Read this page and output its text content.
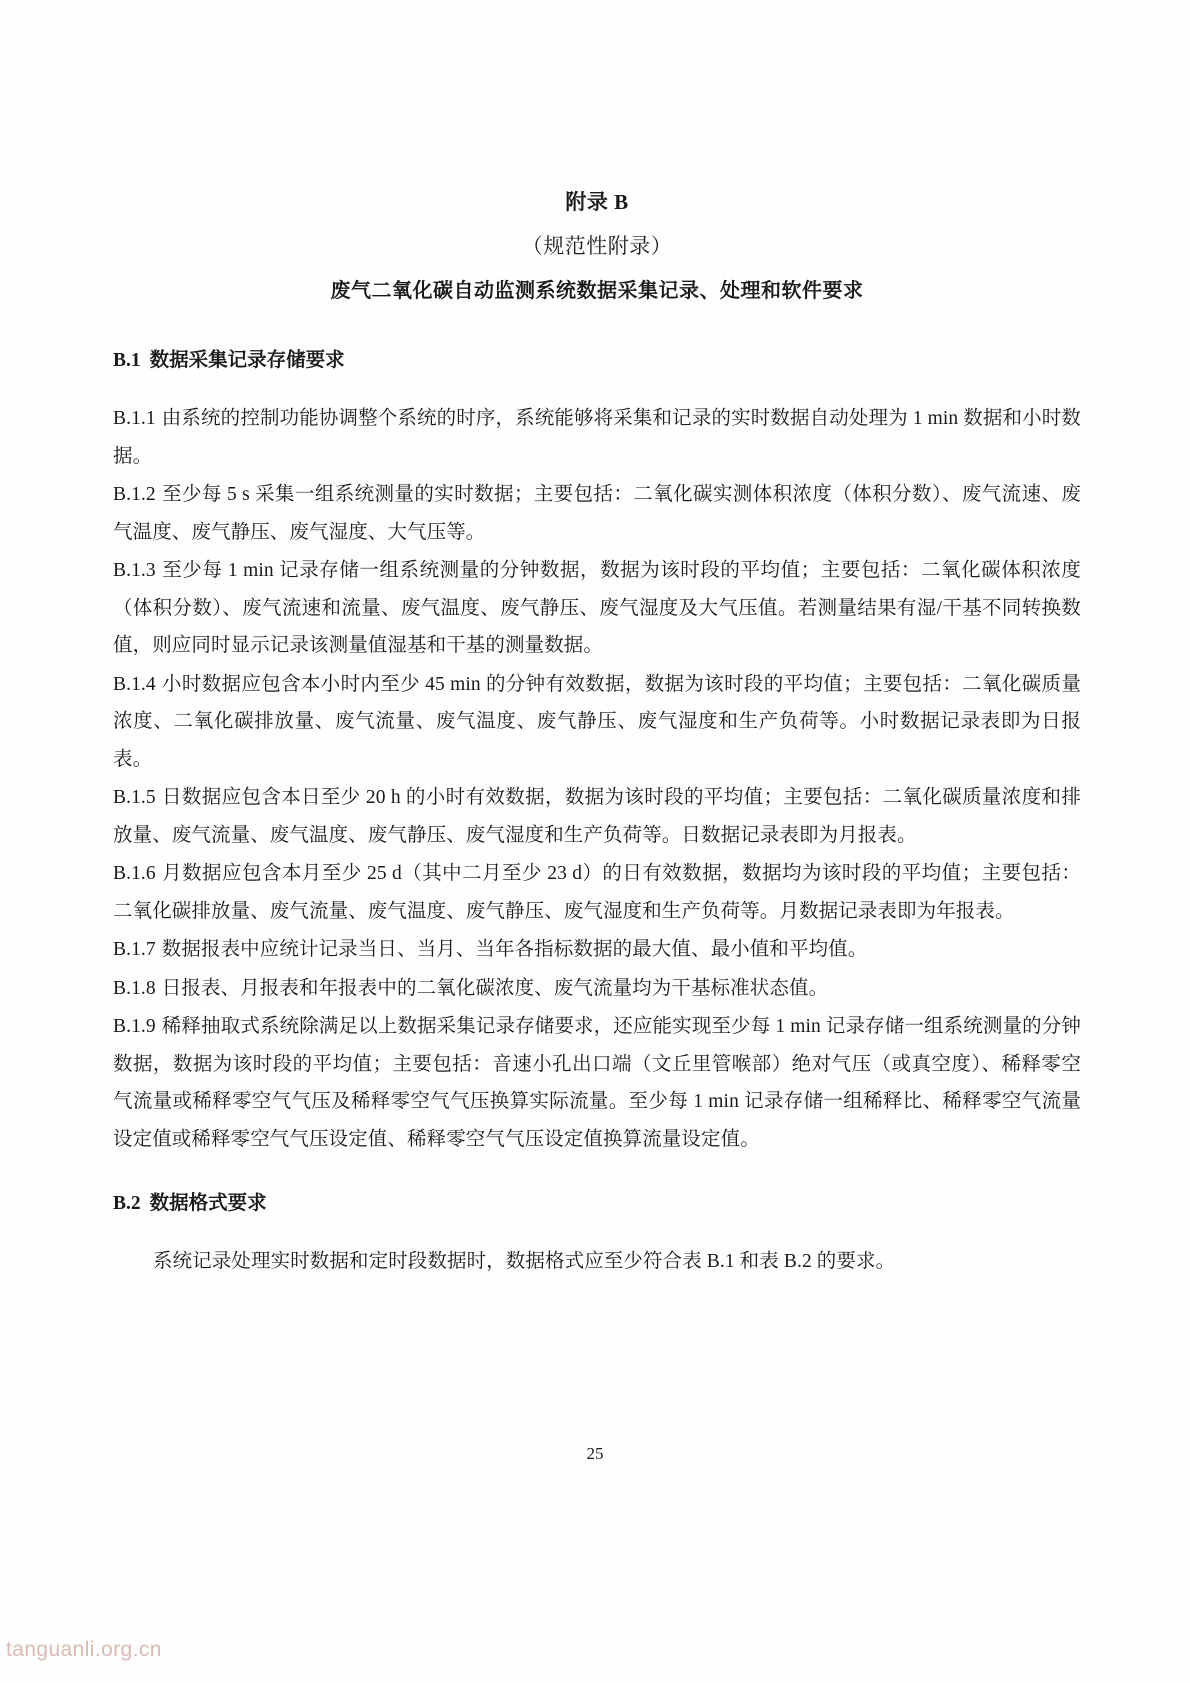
附录 B
（规范性附录）
废气二氧化碳自动监测系统数据采集记录、处理和软件要求
B.1 数据采集记录存储要求

B.1.1 由系统的控制功能协调整个系统的时序，系统能够将采集和记录的实时数据自动处理为 1 min 数据和小时数据。

B.1.2 至少每 5 s 采集一组系统测量的实时数据；主要包括：二氧化碳实测体积浓度（体积分数）、废气流速、废气温度、废气静压、废气湿度、大气压等。

B.1.3 至少每 1 min 记录存储一组系统测量的分钟数据，数据为该时段的平均值；主要包括：二氧化碳体积浓度（体积分数）、废气流速和流量、废气温度、废气静压、废气湿度及大气压值。若测量结果有湿/干基不同转换数值，则应同时显示记录该测量值湿基和干基的测量数据。

B.1.4 小时数据应包含本小时内至少 45 min 的分钟有效数据，数据为该时段的平均值；主要包括：二氧化碳质量浓度、二氧化碳排放量、废气流量、废气温度、废气静压、废气湿度和生产负荷等。小时数据记录表即为日报表。

B.1.5 日数据应包含本日至少 20 h 的小时有效数据，数据为该时段的平均值；主要包括：二氧化碳质量浓度和排放量、废气流量、废气温度、废气静压、废气湿度和生产负荷等。日数据记录表即为月报表。

B.1.6 月数据应包含本月至少 25 d（其中二月至少 23 d）的日有效数据，数据均为该时段的平均值；主要包括：二氧化碳排放量、废气流量、废气温度、废气静压、废气湿度和生产负荷等。月数据记录表即为年报表。

B.1.7 数据报表中应统计记录当日、当月、当年各指标数据的最大值、最小值和平均值。

B.1.8 日报表、月报表和年报表中的二氧化碳浓度、废气流量均为干基标准状态值。

B.1.9 稀释抽取式系统除满足以上数据采集记录存储要求，还应能实现至少每 1 min 记录存储一组系统测量的分钟数据，数据为该时段的平均值；主要包括：音速小孔出口端（文丘里管喉部）绝对气压（或真空度）、稀释零空气流量或稀释零空气气压及稀释零空气气压换算实际流量。至少每 1 min 记录存储一组稀释比、稀释零空气流量设定值或稀释零空气气压设定值、稀释零空气气压设定值换算流量设定值。

B.2 数据格式要求

系统记录处理实时数据和定时段数据时，数据格式应至少符合表 B.1 和表 B.2 的要求。

25
tanguanli.org.cn
